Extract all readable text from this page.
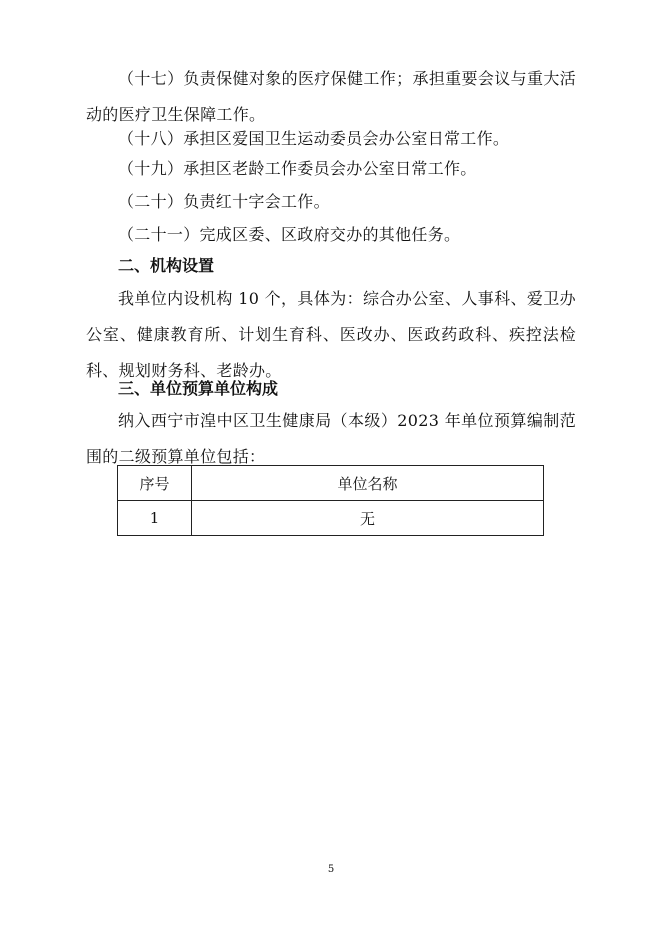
（十七）负责保健对象的医疗保健工作；承担重要会议与重大活动的医疗卫生保障工作。
（十八）承担区爱国卫生运动委员会办公室日常工作。
（十九）承担区老龄工作委员会办公室日常工作。
（二十）负责红十字会工作。
（二十一）完成区委、区政府交办的其他任务。
二、机构设置
我单位内设机构 10 个，具体为：综合办公室、人事科、爱卫办公室、健康教育所、计划生育科、医改办、医政药政科、疾控法检科、规划财务科、老龄办。
三、单位预算单位构成
纳入西宁市湟中区卫生健康局（本级）2023 年单位预算编制范围的二级预算单位包括：
序号	单位名称
1	无
5
